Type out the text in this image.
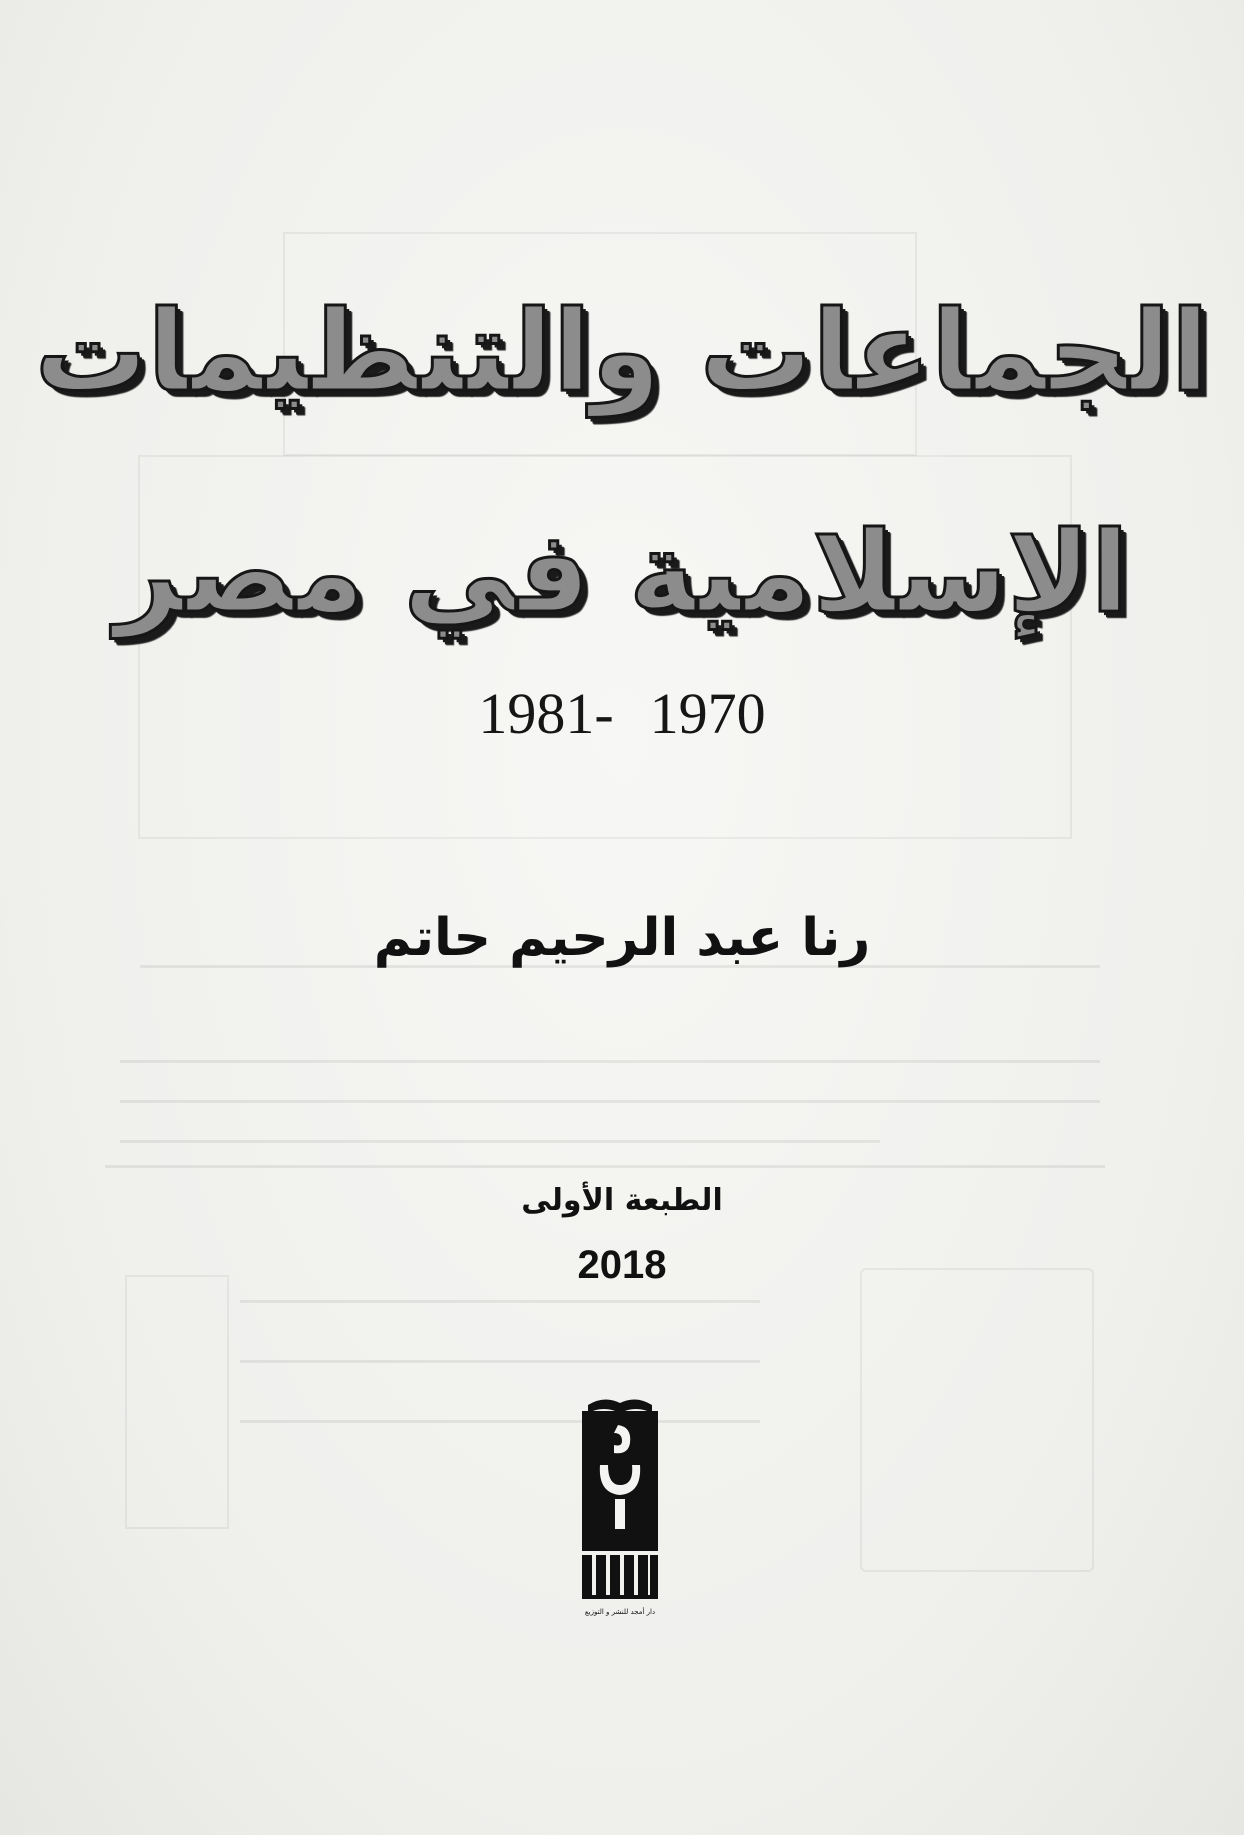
الجماعات والتنظيمات
الإسلامية في مصر
1981- 1970
رنا عبد الرحيم حاتم
الطبعة الأولى
2018
دار أمجد للنشر و التوزيع
